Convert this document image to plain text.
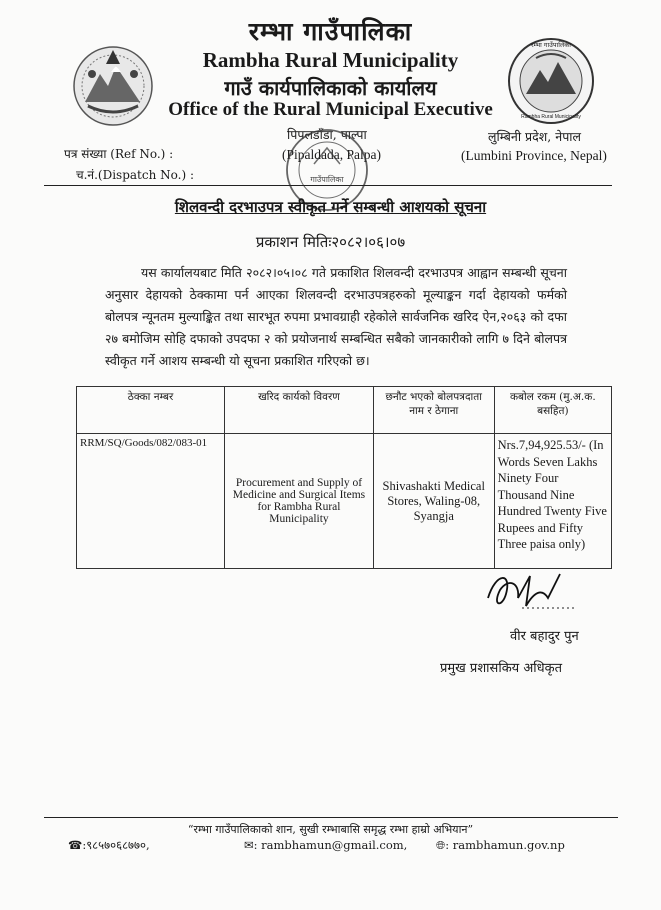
रम्भा गाउँपालिका
Rambha Rural Municipality
रम्भा गाउँपालिका
Rambha Rural Municipality
गाउँ कार्यपालिकाको कार्यालय
Office of the Rural Municipal Executive
पिपलडाँडा, पाल्पा
(Pipaldada, Palpa)
लुम्बिनी प्रदेश, नेपाल
(Lumbini Province, Nepal)
पत्र संख्या (Ref No.) :
च.नं.(Dispatch No.) :	गाउँपालिका
शिलवन्दी दरभाउपत्र स्वीकृत गर्ने सम्बन्धी आशयको सूचना
प्रकाशन मितिः२०८२।०६।०७
यस कार्यालयबाट मिति २०८२।०५।०८ गते प्रकाशित शिलवन्दी दरभाउपत्र आह्वान सम्बन्धी सूचना अनुसार देहायको ठेक्कामा पर्न आएका शिलवन्दी दरभाउपत्रहरुको मूल्याङ्कन गर्दा देहायको फर्मको बोलपत्र न्यूनतम मुल्याङ्कित तथा सारभूत रुपमा प्रभावग्राही रहेकोले सार्वजनिक खरिद ऐन,२०६३ को दफा २७ बमोजिम सोहि दफाको उपदफा २ को प्रयोजनार्थ सम्बन्धित सबैको जानकारीको लागि ७ दिने बोलपत्र स्वीकृत गर्ने आशय सम्बन्धी यो सूचना प्रकाशित गरिएको छ।
ठेक्का नम्बर	खरिद कार्यको विवरण	छनौट भएको बोलपत्रदाता नाम र ठेगाना	कबोल रकम (मु.अ.क. बसहित)
RRM/SQ/Goods/082/083-01	Procurement and Supply of Medicine and Surgical Items for Rambha Rural Municipality	Shivashakti Medical Stores, Waling-08, Syangja	Nrs.7,94,925.53/- (In Words Seven Lakhs Ninety Four Thousand Nine Hundred Twenty Five Rupees and Fifty Three paisa only)
वीर बहादुर पुन
प्रमुख प्रशासकिय अधिकृत
“रम्भा गाउँपालिकाको शान, सुखी रम्भाबासि समृद्ध रम्भा हाम्रो अभियान”
☎:९८५७०६८७७०,	✉: rambhamun@gmail.com, 🌐︎: rambhamun.gov.np
